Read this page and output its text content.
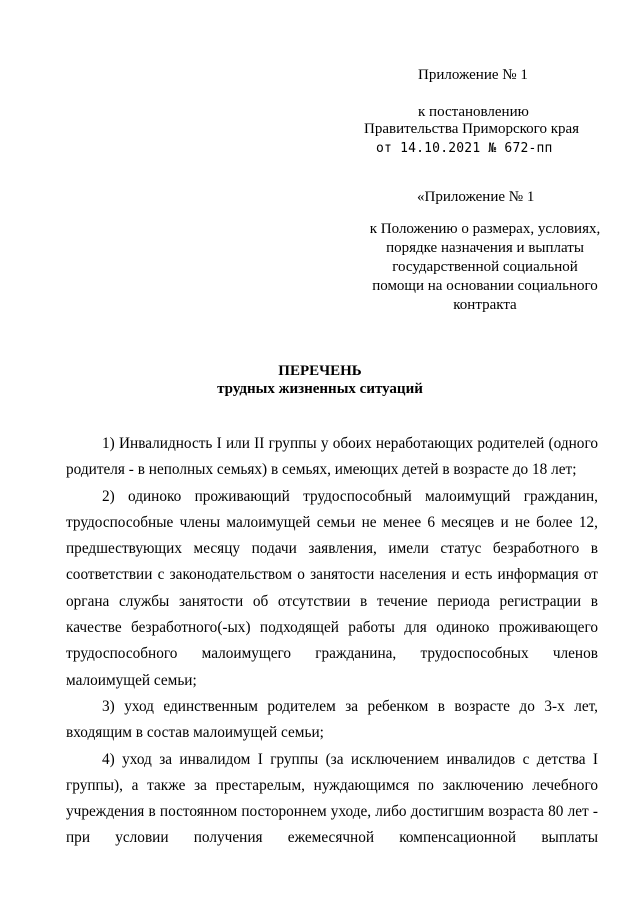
Приложение № 1
к постановлению
Правительства Приморского края
от 14.10.2021 № 672-пп
«Приложение № 1
к Положению о размерах, условиях,
порядке назначения и выплаты
государственной социальной
помощи на основании социального
контракта
ПЕРЕЧЕНЬ
трудных жизненных ситуаций

1) Инвалидность I или II группы у обоих неработающих родителей (одного родителя - в неполных семьях) в семьях, имеющих детей в возрасте до 18 лет;

2) одиноко проживающий трудоспособный малоимущий гражданин, трудоспособные члены малоимущей семьи не менее 6 месяцев и не более 12, предшествующих месяцу подачи заявления, имели статус безработного в соответствии с законодательством о занятости населения и есть информация от органа службы занятости об отсутствии в течение периода регистрации в качестве безработного(-ых) подходящей работы для одиноко проживающего трудоспособного малоимущего гражданина, трудоспособных членов малоимущей семьи;

3) уход единственным родителем за ребенком в возрасте до 3-х лет, входящим в состав малоимущей семьи;

4) уход за инвалидом I группы (за исключением инвалидов с детства I группы), а также за престарелым, нуждающимся по заключению лечебного учреждения в постоянном постороннем уходе, либо достигшим возраста 80 лет - при условии получения ежемесячной компенсационной выплаты
